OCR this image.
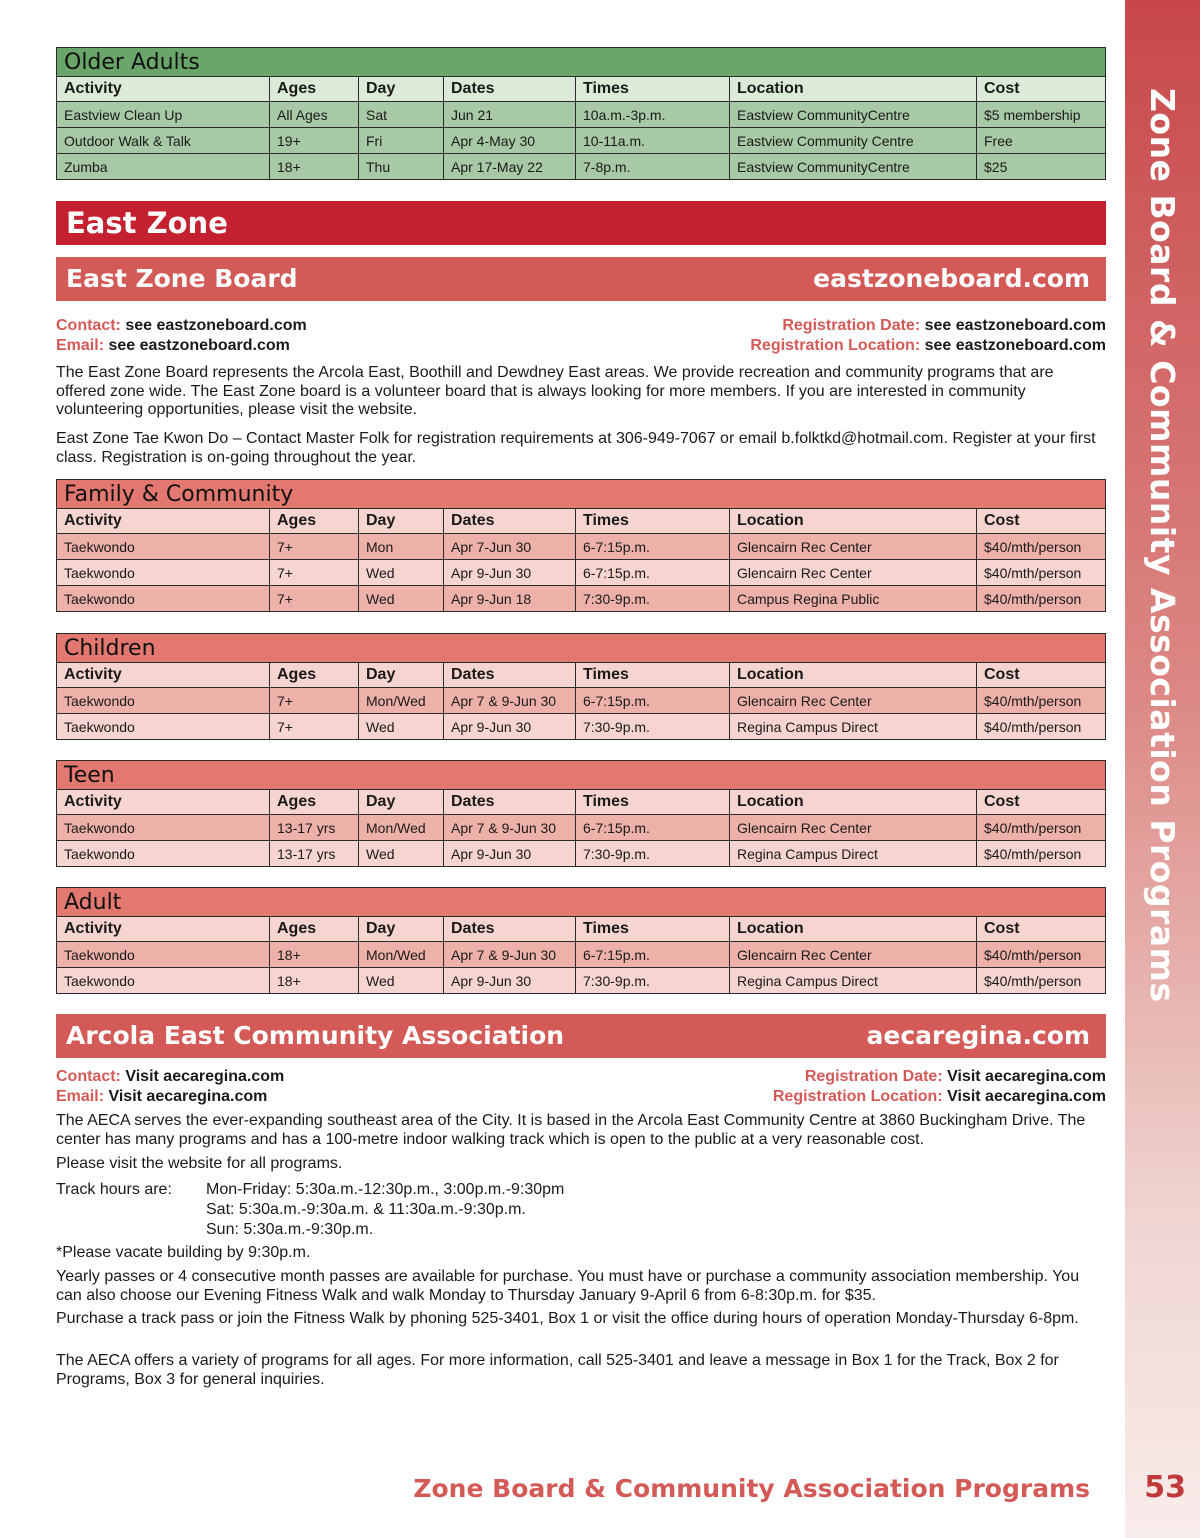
Zone Board & Community Association Programs
Zone Board & Community Association Programs 53
Older Adults						
Activity	Ages	Day	Dates	Times	Location	Cost
Eastview Clean Up	All Ages	Sat	Jun 21	10a.m.-3p.m.	Eastview CommunityCentre	$5 membership
Outdoor Walk & Talk	19+	Fri	Apr 4-May 30	10-11a.m.	Eastview Community Centre	Free
Zumba	18+	Thu	Apr 17-May 22	7-8p.m.	Eastview CommunityCentre	$25
East Zone
East Zone Board	eastzoneboard.com
Contact: see eastzoneboard.com	Registration Date: see eastzoneboard.com
Email: see eastzoneboard.com	Registration Location: see eastzoneboard.com

The East Zone Board represents the Arcola East, Boothill and Dewdney East areas. We provide recreation and community programs that are offered zone wide. The East Zone board is a volunteer board that is always looking for more members. If you are interested in community volunteering opportunities, please visit the website.

East Zone Tae Kwon Do – Contact Master Folk for registration requirements at 306-949-7067 or email b.folktkd@hotmail.com. Register at your first class. Registration is on-going throughout the year.

Family & Community						
Activity	Ages	Day	Dates	Times	Location	Cost
Taekwondo	7+	Mon	Apr 7-Jun 30	6-7:15p.m.	Glencairn Rec Center	$40/mth/person
Taekwondo	7+	Wed	Apr 9-Jun 30	6-7:15p.m.	Glencairn Rec Center	$40/mth/person
Taekwondo	7+	Wed	Apr 9-Jun 18	7:30-9p.m.	Campus Regina Public	$40/mth/person
Children						
Activity	Ages	Day	Dates	Times	Location	Cost
Taekwondo	7+	Mon/Wed	Apr 7 & 9-Jun 30	6-7:15p.m.	Glencairn Rec Center	$40/mth/person
Taekwondo	7+	Wed	Apr 9-Jun 30	7:30-9p.m.	Regina Campus Direct	$40/mth/person
Teen						
Activity	Ages	Day	Dates	Times	Location	Cost
Taekwondo	13-17 yrs	Mon/Wed	Apr 7 & 9-Jun 30	6-7:15p.m.	Glencairn Rec Center	$40/mth/person
Taekwondo	13-17 yrs	Wed	Apr 9-Jun 30	7:30-9p.m.	Regina Campus Direct	$40/mth/person
Adult						
Activity	Ages	Day	Dates	Times	Location	Cost
Taekwondo	18+	Mon/Wed	Apr 7 & 9-Jun 30	6-7:15p.m.	Glencairn Rec Center	$40/mth/person
Taekwondo	18+	Wed	Apr 9-Jun 30	7:30-9p.m.	Regina Campus Direct	$40/mth/person
Arcola East Community Association	aecaregina.com
Contact: Visit aecaregina.com	Registration Date: Visit aecaregina.com
Email: Visit aecaregina.com	Registration Location: Visit aecaregina.com

The AECA serves the ever-expanding southeast area of the City. It is based in the Arcola East Community Centre at 3860 Buckingham Drive. The center has many programs and has a 100-metre indoor walking track which is open to the public at a very reasonable cost.

Please visit the website for all programs.

Track hours are: Mon-Friday: 5:30a.m.-12:30p.m., 3:00p.m.-9:30pm
Sat: 5:30a.m.-9:30a.m. & 11:30a.m.-9:30p.m.
Sun: 5:30a.m.-9:30p.m.

*Please vacate building by 9:30p.m.

Yearly passes or 4 consecutive month passes are available for purchase. You must have or purchase a community association membership. You can also choose our Evening Fitness Walk and walk Monday to Thursday January 9-April 6 from 6-8:30p.m. for $35.

Purchase a track pass or join the Fitness Walk by phoning 525-3401, Box 1 or visit the office during hours of operation Monday-Thursday 6-8pm.

The AECA offers a variety of programs for all ages. For more information, call 525-3401 and leave a message in Box 1 for the Track, Box 2 for Programs, Box 3 for general inquiries.
